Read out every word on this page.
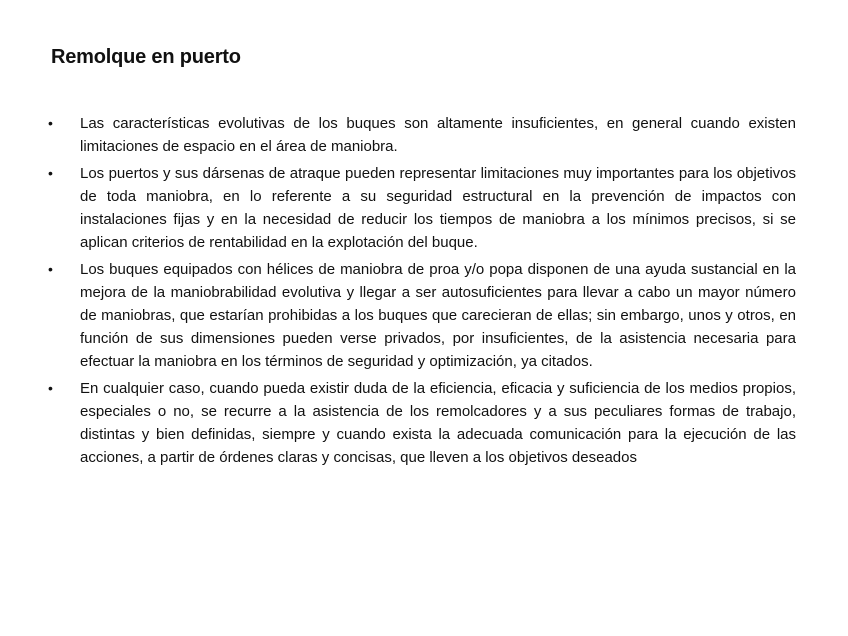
Remolque en puerto
• Las características evolutivas de los buques son altamente insuficientes, en general cuando existen limitaciones de espacio en el área de maniobra.
• Los puertos y sus dársenas de atraque pueden representar limitaciones muy importantes para los objetivos de toda maniobra, en lo referente a su seguridad estructural en la prevención de impactos con instalaciones fijas y en la necesidad de reducir los tiempos de maniobra a los mínimos precisos, si se aplican criterios de rentabilidad en la explotación del buque.
• Los buques equipados con hélices de maniobra de proa y/o popa disponen de una ayuda sustancial en la mejora de la maniobrabilidad evolutiva y llegar a ser autosuficientes para llevar a cabo un mayor número de maniobras, que estarían prohibidas a los buques que carecieran de ellas; sin embargo, unos y otros, en función de sus dimensiones pueden verse privados, por insuficientes, de la asistencia necesaria para efectuar la maniobra en los términos de seguridad y optimización, ya citados.
• En cualquier caso, cuando pueda existir duda de la eficiencia, eficacia y suficiencia de los medios propios, especiales o no, se recurre a la asistencia de los remolcadores y a sus peculiares formas de trabajo, distintas y bien definidas, siempre y cuando exista la adecuada comunicación para la ejecución de las acciones, a partir de órdenes claras y concisas, que lleven a los objetivos deseados
